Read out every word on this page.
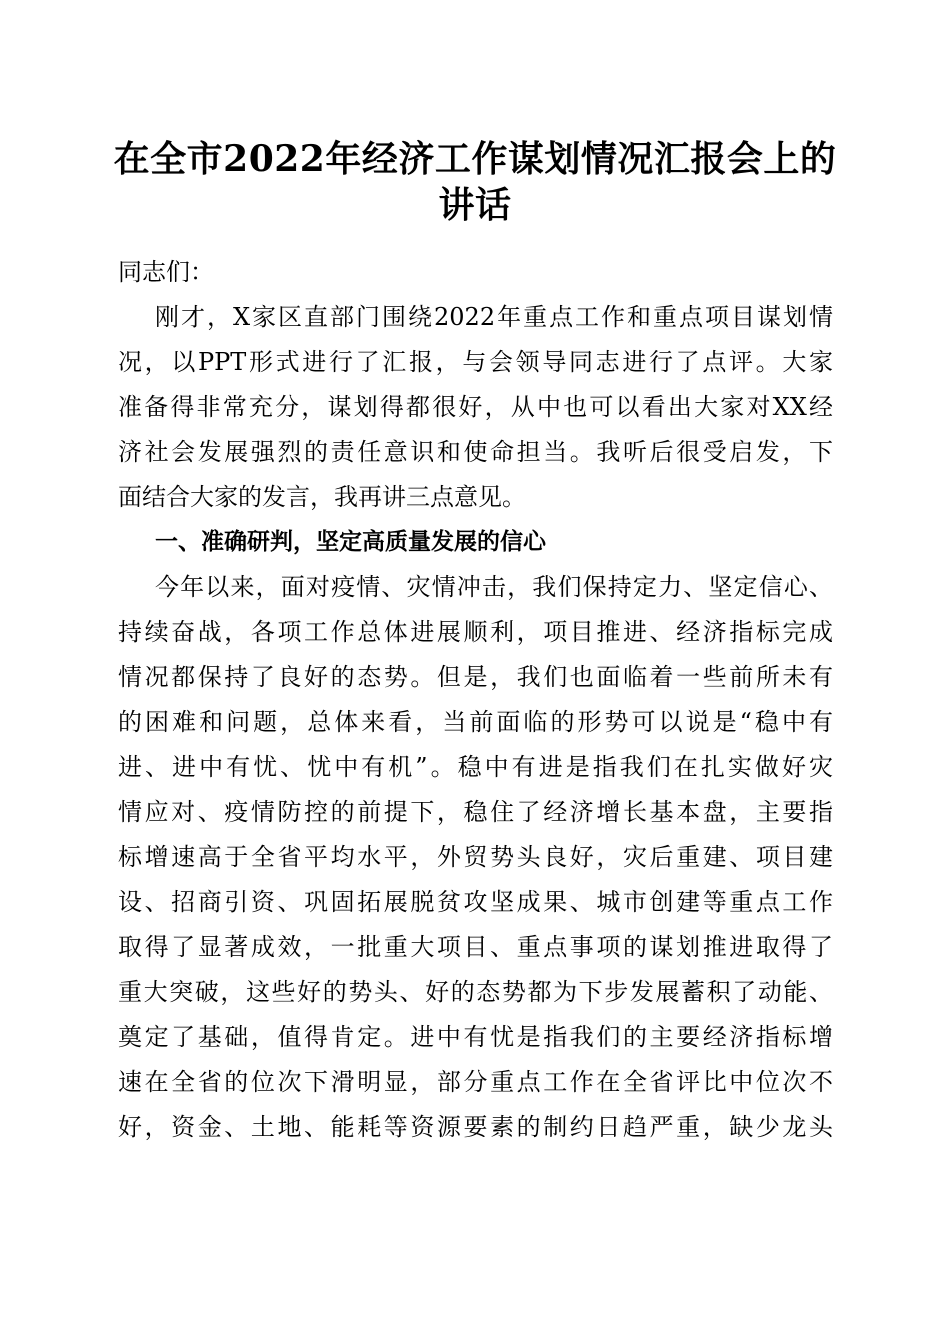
在全市2022年经济工作谋划情况汇报会上的
讲话
同志们：
刚才，X家区直部门围绕2022年重点工作和重点项目谋划情
况，以PPT形式进行了汇报，与会领导同志进行了点评。大家
准备得非常充分，谋划得都很好，从中也可以看出大家对XX经
济社会发展强烈的责任意识和使命担当。我听后很受启发，下
面结合大家的发言，我再讲三点意见。
一、准确研判，坚定高质量发展的信心
今年以来，面对疫情、灾情冲击，我们保持定力、坚定信心、
持续奋战，各项工作总体进展顺利，项目推进、经济指标完成
情况都保持了良好的态势。但是，我们也面临着一些前所未有
的困难和问题，总体来看，当前面临的形势可以说是“稳中有
进、进中有忧、忧中有机”。稳中有进是指我们在扎实做好灾
情应对、疫情防控的前提下，稳住了经济增长基本盘，主要指
标增速高于全省平均水平，外贸势头良好，灾后重建、项目建
设、招商引资、巩固拓展脱贫攻坚成果、城市创建等重点工作
取得了显著成效，一批重大项目、重点事项的谋划推进取得了
重大突破，这些好的势头、好的态势都为下步发展蓄积了动能、
奠定了基础，值得肯定。进中有忧是指我们的主要经济指标增
速在全省的位次下滑明显，部分重点工作在全省评比中位次不
好，资金、土地、能耗等资源要素的制约日趋严重，缺少龙头
